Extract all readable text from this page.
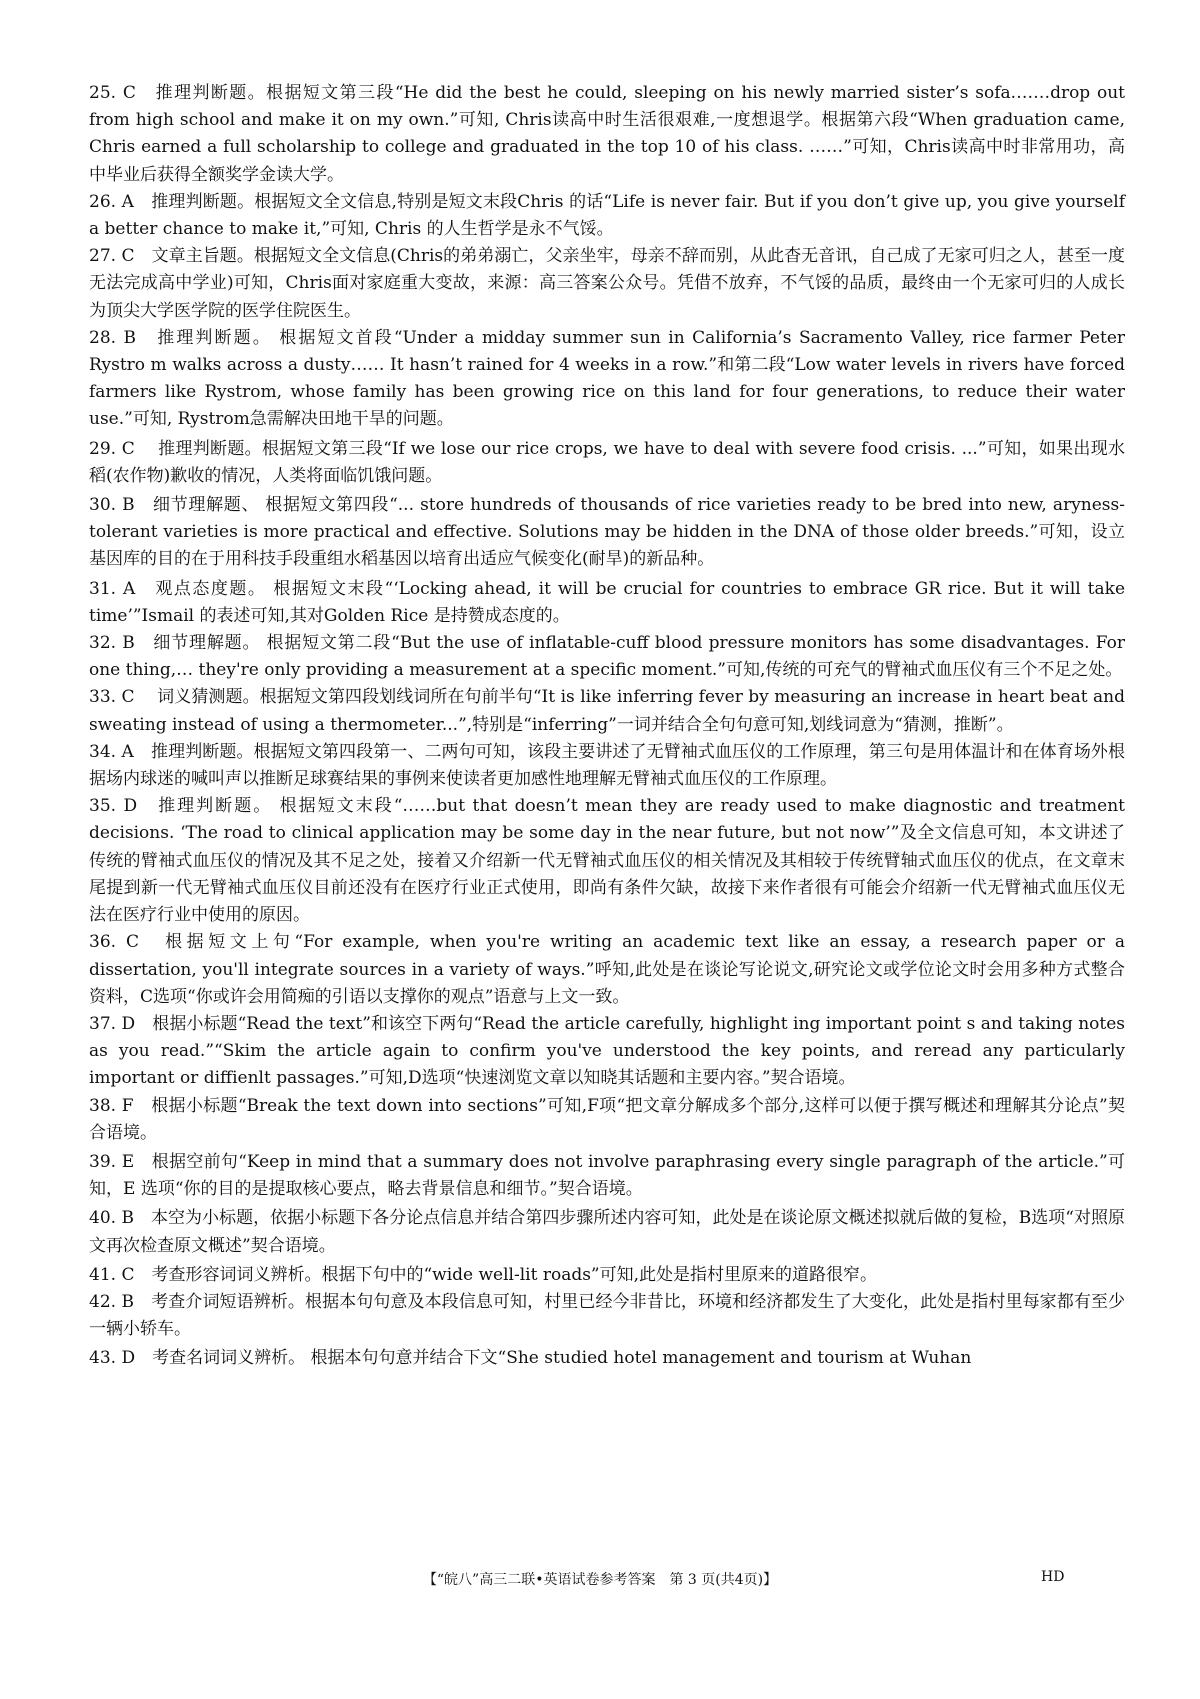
25. C　 推理判断题。根据短文第三段“He did the best he could, sleeping on his newly married sister’s sofa.……drop out from high school and make it on my own.”可知, Chris读高中时生活很艰难,一度想退学。根据第六段“When graduation came, Chris earned a full scholarship to college and graduated in the top 10 of his class. ……”可知，Chris读高中时非常用功，高中毕业后获得全额奖学金读大学。

26. A　 推理判断题。根据短文全文信息,特别是短文末段Chris 的话“Life is never fair. But if you don’t give up, you give yourself a better chance to make it,”可知, Chris 的人生哲学是永不气馁。

27. C　 文章主旨题。根据短文全文信息(Chris的弟弟溺亡，父亲坐牢，母亲不辞而别，从此杳无音讯，自己成了无家可归之人，甚至一度无法完成高中学业)可知，Chris面对家庭重大变故，来源：高三答案公众号。凭借不放弃，不气馁的品质，最终由一个无家可归的人成长为顶尖大学医学院的医学住院医生。

28. B　 推理判断题。 根据短文首段“Under a midday summer sun in California’s Sacramento Valley, rice farmer Peter Rystro m walks across a dusty…… It hasn’t rained for 4 weeks in a row.”和第二段“Low water levels in rivers have forced farmers like Rystrom, whose family has been growing rice on this land for four generations, to reduce their water use.”可知, Rystrom急需解决田地干旱的问题。

29. C　 推理判断题。根据短文第三段“If we lose our rice crops, we have to deal with severe food crisis. ...”可知，如果出现水稻(农作物)歉收的情况，人类将面临饥饿问题。

30. B　 细节理解题、 根据短文第四段“... store hundreds of thousands of rice varieties ready to be bred into new, aryness-tolerant varieties is more practical and effective. Solutions may be hidden in the DNA of those older breeds.”可知，设立基因库的目的在于用科技手段重组水稻基因以培育出适应气候变化(耐旱)的新品种。

31. A　 观点态度题。 根据短文末段“‘Locking ahead, it will be crucial for countries to embrace GR rice. But it will take time’”Ismail 的表述可知,其对Golden Rice 是持赞成态度的。

32. B　 细节理解题。 根据短文第二段“But the use of inflatable-cuff blood pressure monitors has some disadvantages. For one thing,… they're only providing a measurement at a specific moment.”可知,传统的可充气的臂袖式血压仪有三个不足之处。

33. C　 词义猜测题。根据短文第四段划线词所在句前半句“It is like inferring fever by measuring an increase in heart beat and sweating instead of using a thermometer...”,特别是“inferring”一词并结合全句句意可知,划线词意为“猜测，推断”。

34. A　 推理判断题。根据短文第四段第一、二两句可知，该段主要讲述了无臂袖式血压仪的工作原理，第三句是用体温计和在体育场外根据场内球迷的喊叫声以推断足球赛结果的事例来使读者更加感性地理解无臂袖式血压仪的工作原理。

35. D　 推理判断题。 根据短文末段“……but that doesn’t mean they are ready used to make diagnostic and treatment decisions. ‘The road to clinical application may be some day in the near future, but not now’”及全文信息可知，本文讲述了传统的臂袖式血压仪的情况及其不足之处，接着又介绍新一代无臂袖式血压仪的相关情况及其相较于传统臂轴式血压仪的优点，在文章末尾提到新一代无臂袖式血压仪目前还没有在医疗行业正式使用，即尚有条件欠缺，故接下来作者很有可能会介绍新一代无臂袖式血压仪无法在医疗行业中使用的原因。

36. C　 根据短文上句“For example, when you're writing an academic text like an essay, a research paper or a dissertation, you'll integrate sources in a variety of ways.”呼知,此处是在谈论写论说文,研究论文或学位论文时会用多种方式整合资料，C选项“你或许会用简痴的引语以支撑你的观点”语意与上文一致。

37. D　 根据小标题“Read the text”和该空下两句“Read the article carefully, highlight ing important point s and taking notes as you read.”“Skim the article again to confirm you've understood the key points, and reread any particularly important or diffienlt passages.”可知,D选项“快速浏览文章以知晓其话题和主要内容。”契合语境。

38. F　 根据小标题“Break the text down into sections”可知,F项“把文章分解成多个部分,这样可以便于撰写概述和理解其分论点”契合语境。

39. E　 根据空前句“Keep in mind that a summary does not involve paraphrasing every single paragraph of the article.”可知，E 选项“你的目的是提取核心要点，略去背景信息和细节。”契合语境。

40. B　 本空为小标题，依据小标题下各分论点信息并结合第四步骤所述内容可知，此处是在谈论原文概述拟就后做的复检，B选项“对照原文再次检查原文概述”契合语境。

41. C　 考查形容词词义辨析。根据下句中的“wide well-lit roads”可知,此处是指村里原来的道路很窄。

42. B　 考查介词短语辨析。根据本句句意及本段信息可知，村里已经今非昔比，环境和经济都发生了大变化，此处是指村里每家都有至少一辆小轿车。

43. D　 考查名词词义辨析。 根据本句句意并结合下文“She studied hotel management and tourism at Wuhan

【“皖八”高三二联•英语试卷参考答案　第 3 页(共4页)】	HD
